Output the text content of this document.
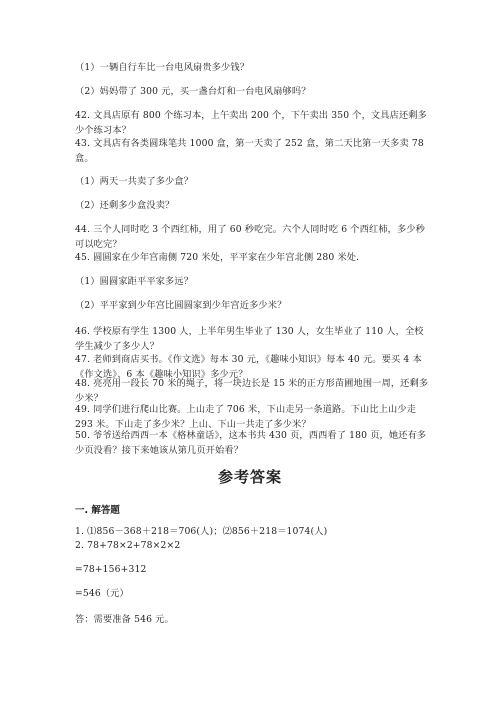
（1）一辆自行车比一台电风扇贵多少钱？
（2）妈妈带了 300 元，买一盏台灯和一台电风扇够吗？
42. 文具店原有 800 个练习本，上午卖出 200 个，下午卖出 350 个，文具店还剩多少个练习本？
43. 文具店有各类圆珠笔共 1000 盒，第一天卖了 252 盒，第二天比第一天多卖 78 盒。
（1）两天一共卖了多少盒？
（2）还剩多少盒没卖？
44. 三个人同时吃 3 个西红柿，用了 60 秒吃完。六个人同时吃 6 个西红柿，多少秒可以吃完？
45. 圆圆家在少年宫南侧 720 米处，平平家在少年宫北侧 280 米处.
（1）圆圆家距平平家多远？
（2）平平家到少年宫比圆圆家到少年宫近多少米？
46. 学校原有学生 1300 人，上半年男生毕业了 130 人，女生毕业了 110 人，全校学生减少了多少人？
47. 老师到商店买书。《作文选》每本 30 元，《趣味小知识》每本 40 元。要买 4 本《作文选》、6 本《趣味小知识》多少元？
48. 亮亮用一段长 70 米的绳子，将一块边长是 15 米的正方形苗圃地围一周，还剩多少米？
49. 同学们进行爬山比赛。上山走了 706 米，下山走另一条道路。下山比上山少走 293 米。下山走了多少米？上山、下山一共走了多少米？
50. 爷爷送给西西一本《格林童话》，这本书共 430 页，西西看了 180 页，她还有多少页没看？接下来她该从第几页开始看？
参考答案
一. 解答题
1. ⑴856－368＋218＝706(人)；⑵856＋218＝1074(人)
2. 78+78×2+78×2×2
=78+156+312
=546（元）
答：需要准备 546 元。
